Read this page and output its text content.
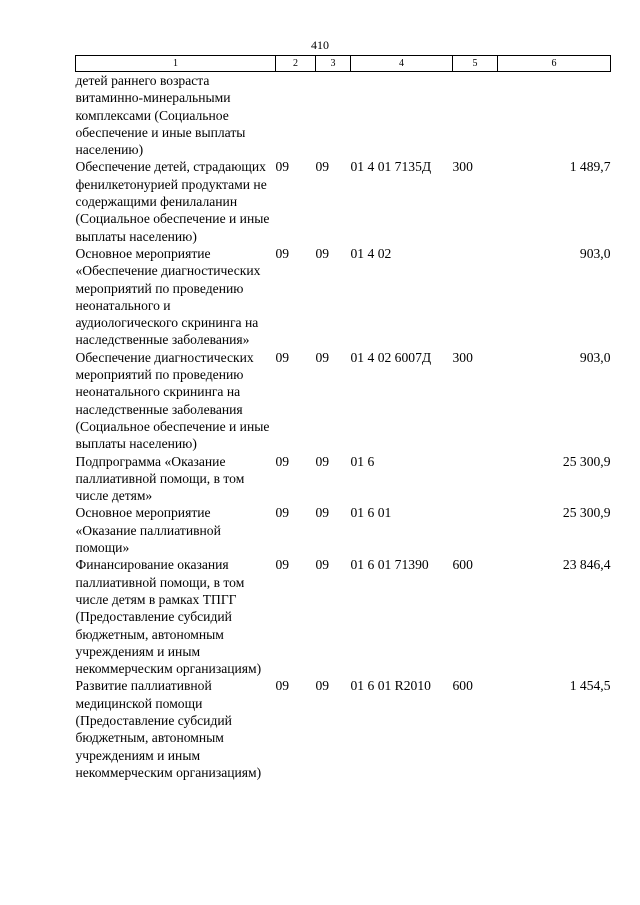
410
1	2	3	4	5	6
детей раннего возраста витаминно-минеральными комплексами (Социальное обеспечение и иные выплаты населению)					
Обеспечение детей, страдающих фенилкетонурией продуктами не содержащими фенилаланин (Социальное обеспечение и иные выплаты населению)	09	09	01 4 01 7135Д	300	1 489,7
Основное мероприятие «Обеспечение диагностических мероприятий по проведению неонатального и аудиологического скрининга на наследственные заболевания»	09	09	01 4 02		903,0
Обеспечение диагностических мероприятий по проведению неонатального скрининга на наследственные заболевания (Социальное обеспечение и иные выплаты населению)	09	09	01 4 02 6007Д	300	903,0
Подпрограмма «Оказание паллиативной помощи, в том числе детям»	09	09	01 6		25 300,9
Основное мероприятие «Оказание паллиативной помощи»	09	09	01 6 01		25 300,9
Финансирование оказания паллиативной помощи, в том числе детям в рамках ТПГГ (Предоставление субсидий бюджетным, автономным учреждениям и иным некоммерческим организациям)	09	09	01 6 01 71390	600	23 846,4
Развитие паллиативной медицинской помощи (Предоставление субсидий бюджетным, автономным учреждениям и иным некоммерческим организациям)	09	09	01 6 01 R2010	600	1 454,5
